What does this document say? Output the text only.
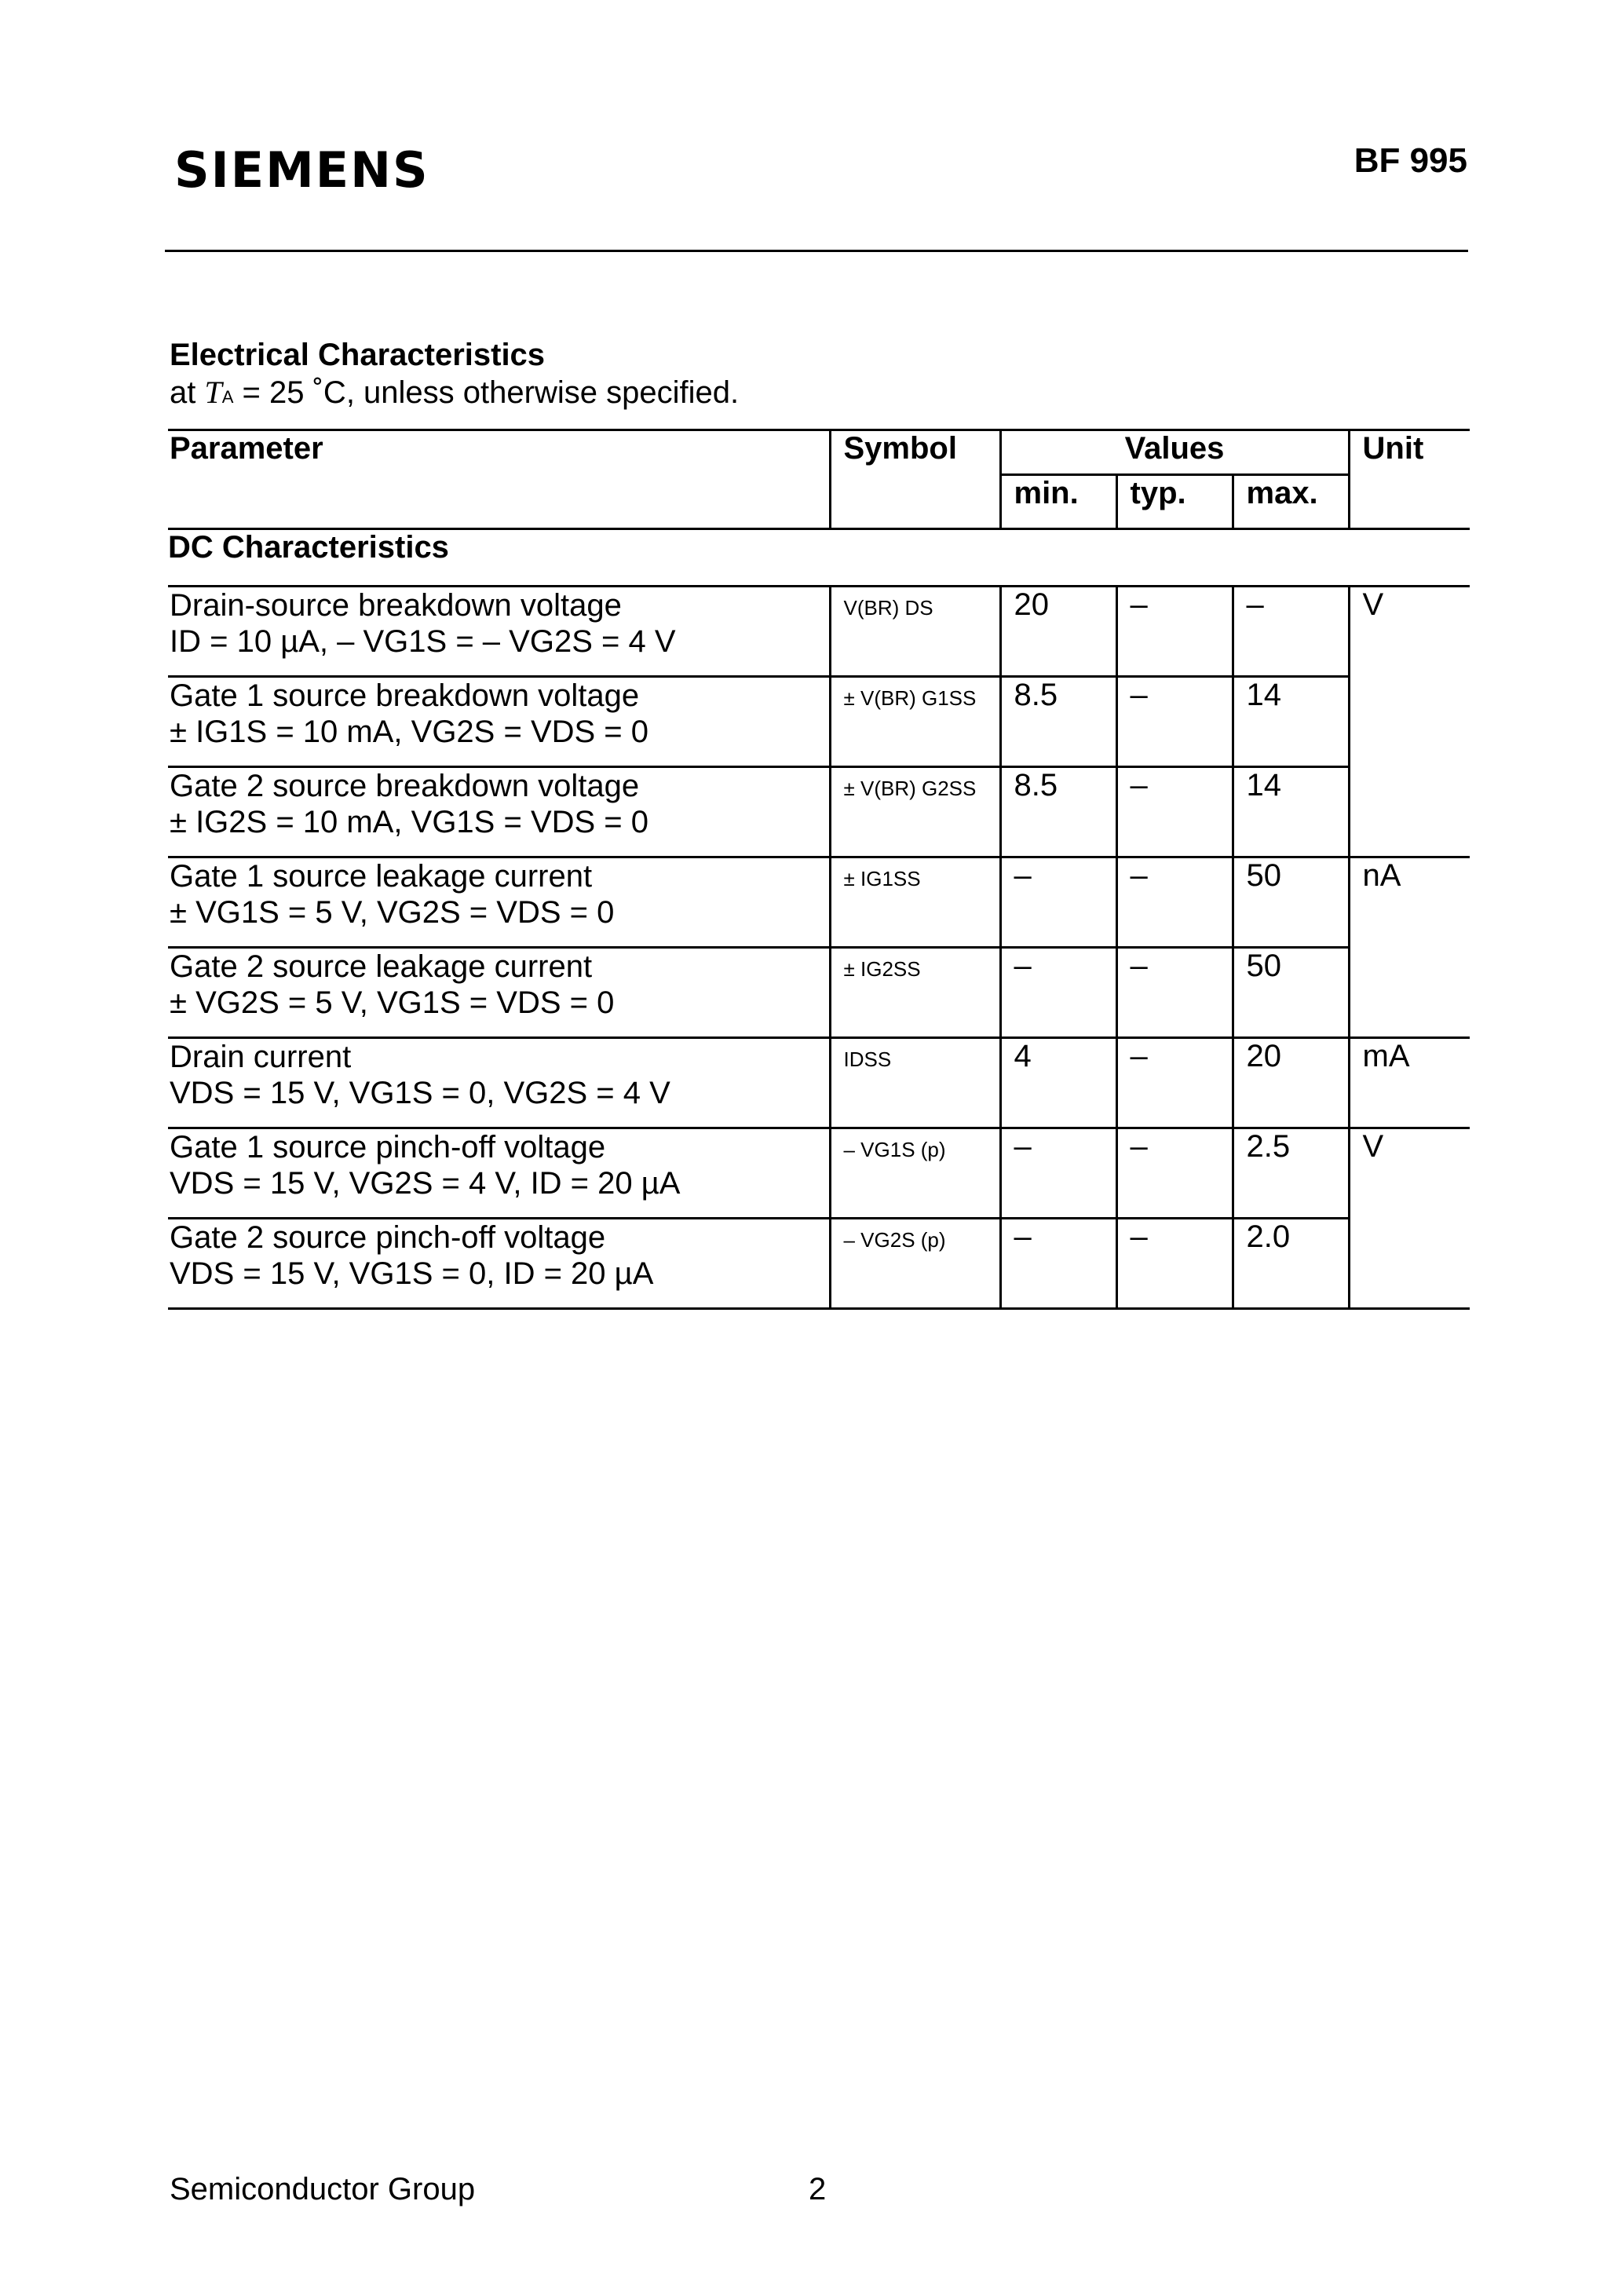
SIEMENS	BF 995
Electrical Characteristics
at TA = 25 ˚C, unless otherwise specified.
Parameter	Symbol	Values			Unit
		min.	typ.	max.	
DC Characteristics					

Drain-source breakdown voltage
ID = 10 µA, – VG1S = – VG2S = 4 V	V(BR) DS	20	–	–	V

Gate 1 source breakdown voltage
± IG1S = 10 mA, VG2S = VDS = 0	± V(BR) G1SS	8.5	–	14	

Gate 2 source breakdown voltage
± IG2S = 10 mA, VG1S = VDS = 0	± V(BR) G2SS	8.5	–	14	

Gate 1 source leakage current
± VG1S = 5 V, VG2S = VDS = 0	± IG1SS	–	–	50	nA

Gate 2 source leakage current
± VG2S = 5 V, VG1S = VDS = 0	± IG2SS	–	–	50	

Drain current
VDS = 15 V, VG1S = 0, VG2S = 4 V	IDSS	4	–	20	mA

Gate 1 source pinch-off voltage
VDS = 15 V, VG2S = 4 V, ID = 20 µA	– VG1S (p)	–	–	2.5	V

Gate 2 source pinch-off voltage
VDS = 15 V, VG1S = 0, ID = 20 µA	– VG2S (p)	–	–	2.0	
Semiconductor Group	2
